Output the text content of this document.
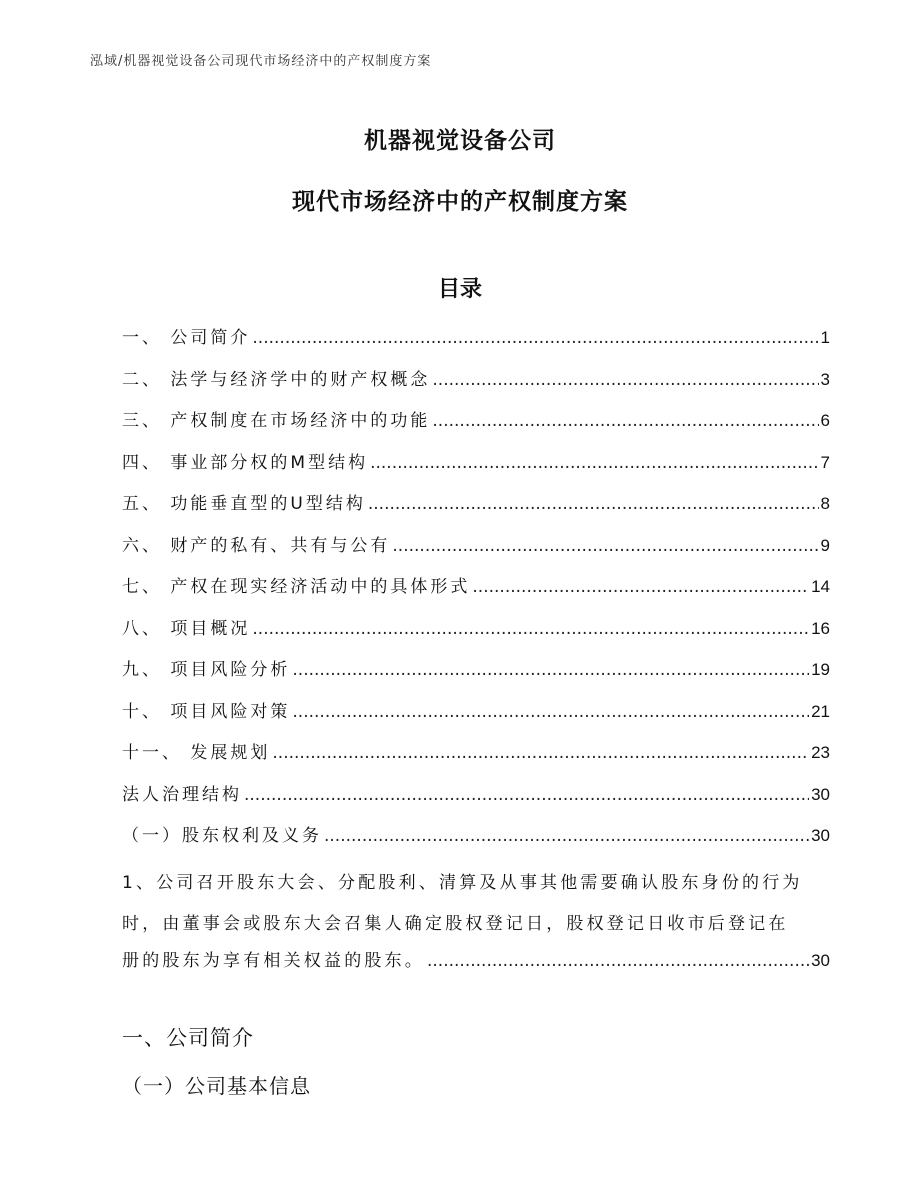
泓域/机器视觉设备公司现代市场经济中的产权制度方案
机器视觉设备公司
现代市场经济中的产权制度方案
目录
一、 公司简介 .....	1
二、 法学与经济学中的财产权概念 .....	3
三、 产权制度在市场经济中的功能 .....	6
四、 事业部分权的M型结构 .....	7
五、 功能垂直型的U型结构 .....	8
六、 财产的私有、共有与公有 .....	9
七、 产权在现实经济活动中的具体形式 .....	14
八、 项目概况 .....	16
九、 项目风险分析 .....	19
十、 项目风险对策 .....	21
十一、 发展规划 .....	23
法人治理结构 .....	30
（一）股东权利及义务 .....	30
1、公司召开股东大会、分配股利、清算及从事其他需要确认股东身份的行为
时，由董事会或股东大会召集人确定股权登记日，股权登记日收市后登记在
册的股东为享有相关权益的股东。 .....	30
一、公司简介
（一）公司基本信息
